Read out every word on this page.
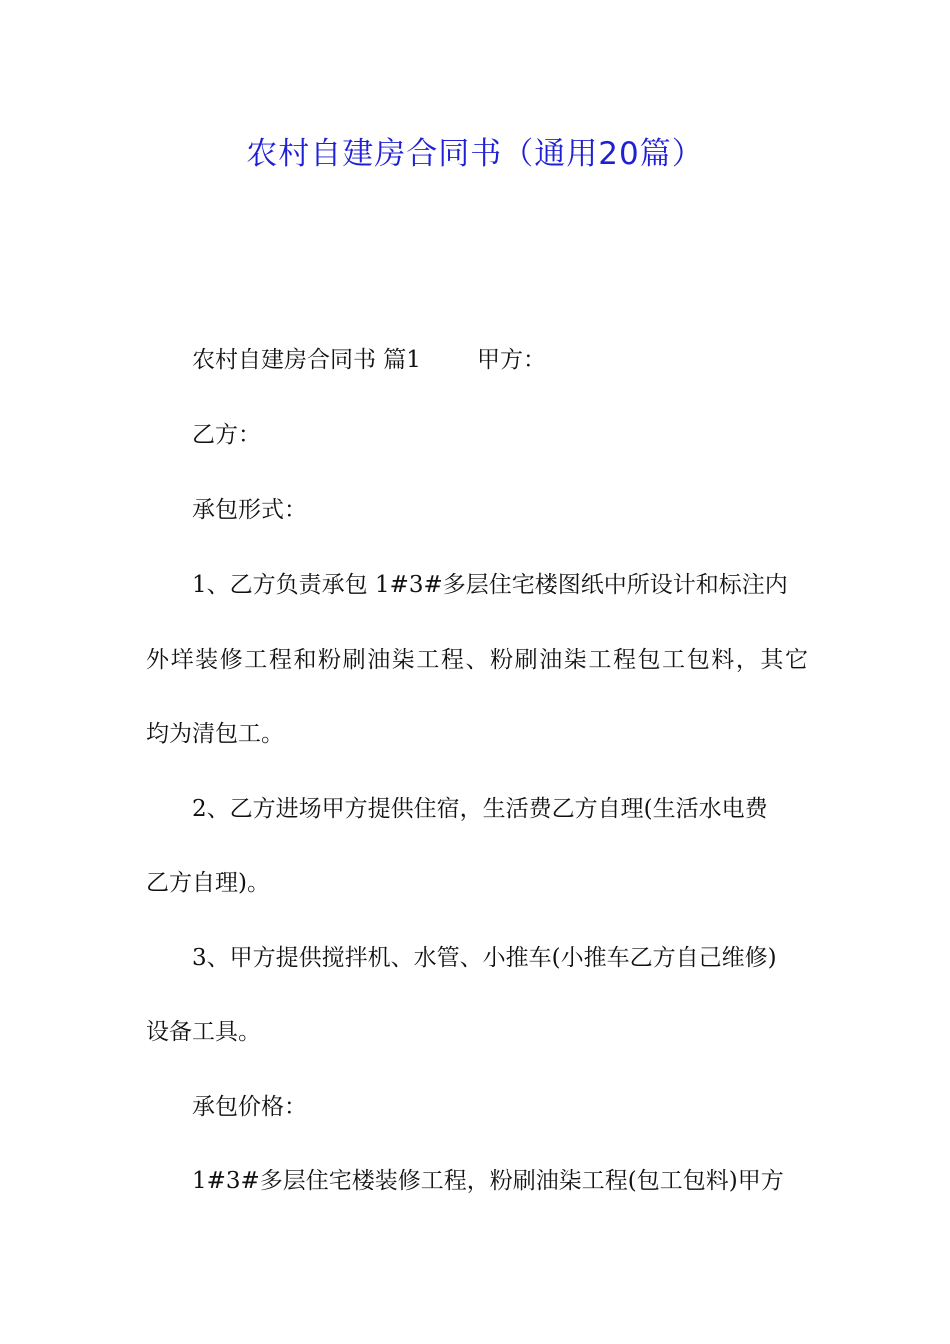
农村自建房合同书（通用20篇）
农村自建房合同书 篇1 甲方：
乙方：
承包形式：
1、乙方负责承包 1#3#多层住宅楼图纸中所设计和标注内
外垟装修工程和粉刷油柒工程、粉刷油柒工程包工包料，其它
均为清包工。
2、乙方进场甲方提供住宿，生活费乙方自理(生活水电费
乙方自理)。
3、甲方提供搅拌机、水管、小推车(小推车乙方自己维修)
设备工具。
承包价格：
1#3#多层住宅楼装修工程，粉刷油柒工程(包工包料)甲方
